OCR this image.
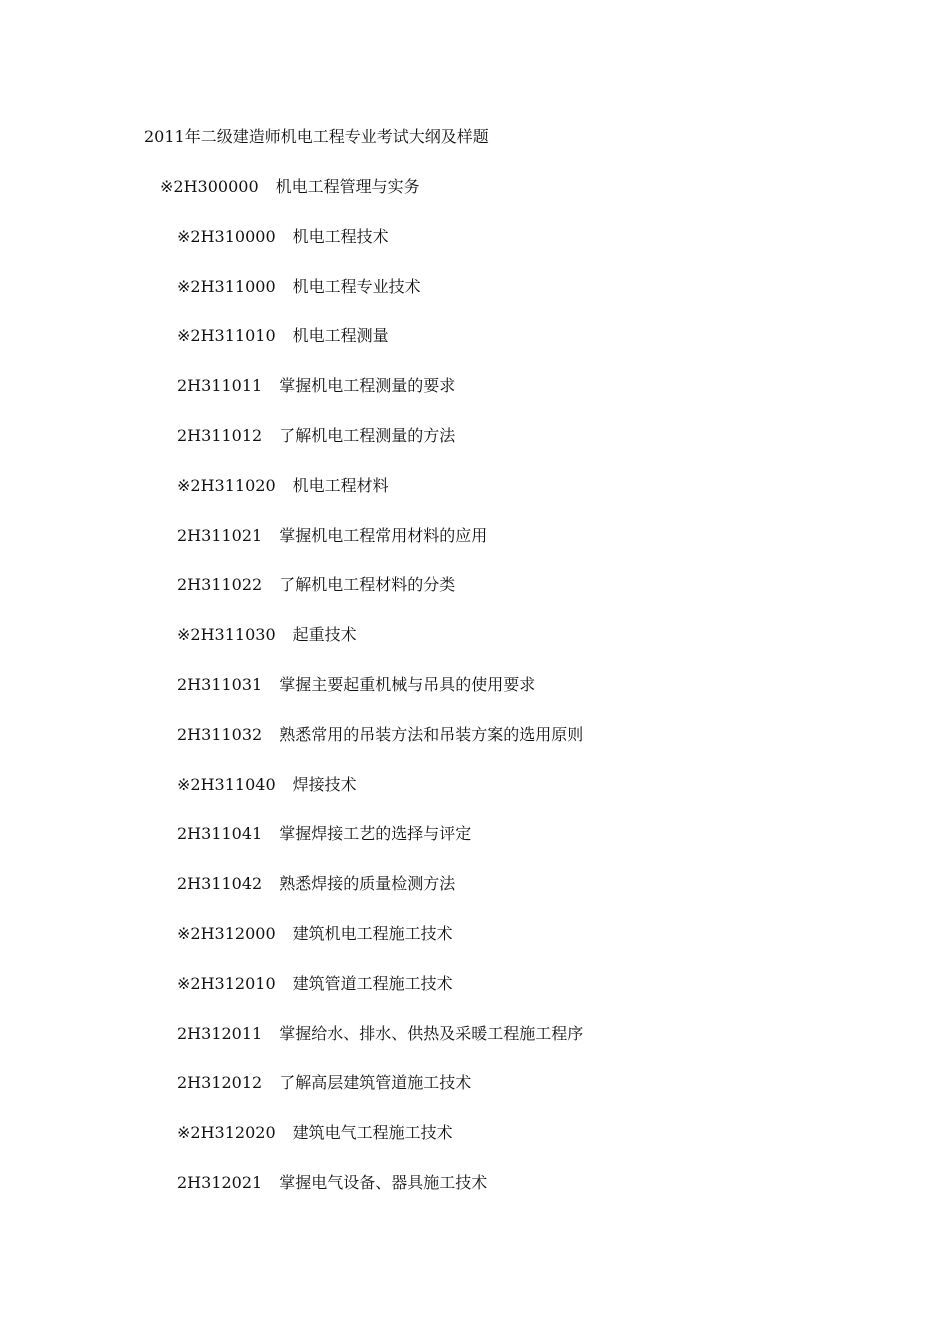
2011年二级建造师机电工程专业考试大纲及样题
※2H300000 机电工程管理与实务
※2H310000 机电工程技术
※2H311000 机电工程专业技术
※2H311010 机电工程测量
2H311011 掌握机电工程测量的要求
2H311012 了解机电工程测量的方法
※2H311020 机电工程材料
2H311021 掌握机电工程常用材料的应用
2H311022 了解机电工程材料的分类
※2H311030 起重技术
2H311031 掌握主要起重机械与吊具的使用要求
2H311032 熟悉常用的吊装方法和吊装方案的选用原则
※2H311040 焊接技术
2H311041 掌握焊接工艺的选择与评定
2H311042 熟悉焊接的质量检测方法
※2H312000 建筑机电工程施工技术
※2H312010 建筑管道工程施工技术
2H312011 掌握给水、排水、供热及采暖工程施工程序
2H312012 了解高层建筑管道施工技术
※2H312020 建筑电气工程施工技术
2H312021 掌握电气设备、器具施工技术
